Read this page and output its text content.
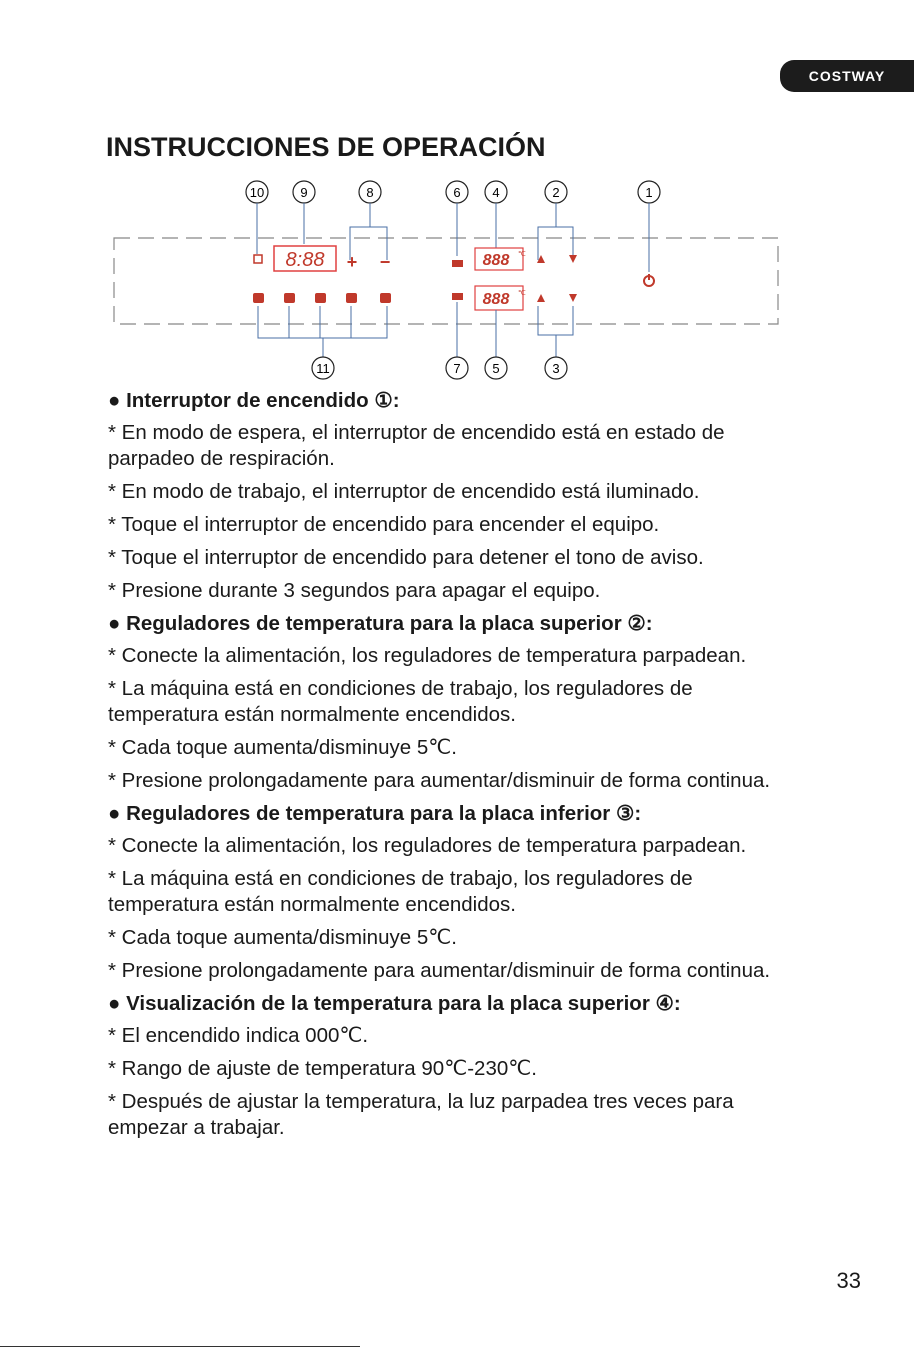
COSTWAY
INSTRUCCIONES DE OPERACIÓN
10	9	8	6 4	2	1
8:88 + −	888 ℃
888 ℃
11	7 5	3

● Interruptor de encendido ①:

* En modo de espera, el interruptor de encendido está en estado de parpadeo de respiración.

* En modo de trabajo, el interruptor de encendido está iluminado.

* Toque el interruptor de encendido para encender el equipo.

* Toque el interruptor de encendido para detener el tono de aviso.

* Presione durante 3 segundos para apagar el equipo.

● Reguladores de temperatura para la placa superior ②:

* Conecte la alimentación, los reguladores de temperatura parpadean.

* La máquina está en condiciones de trabajo, los reguladores de temperatura están normalmente encendidos.

* Cada toque aumenta/disminuye 5℃.

* Presione prolongadamente para aumentar/disminuir de forma continua.

● Reguladores de temperatura para la placa inferior ③:

* Conecte la alimentación, los reguladores de temperatura parpadean.

* La máquina está en condiciones de trabajo, los reguladores de temperatura están normalmente encendidos.

* Cada toque aumenta/disminuye 5℃.

* Presione prolongadamente para aumentar/disminuir de forma continua.

● Visualización de la temperatura para la placa superior ④:

* El encendido indica 000℃.

* Rango de ajuste de temperatura 90℃-230℃.

* Después de ajustar la temperatura, la luz parpadea tres veces para empezar a trabajar.

33
